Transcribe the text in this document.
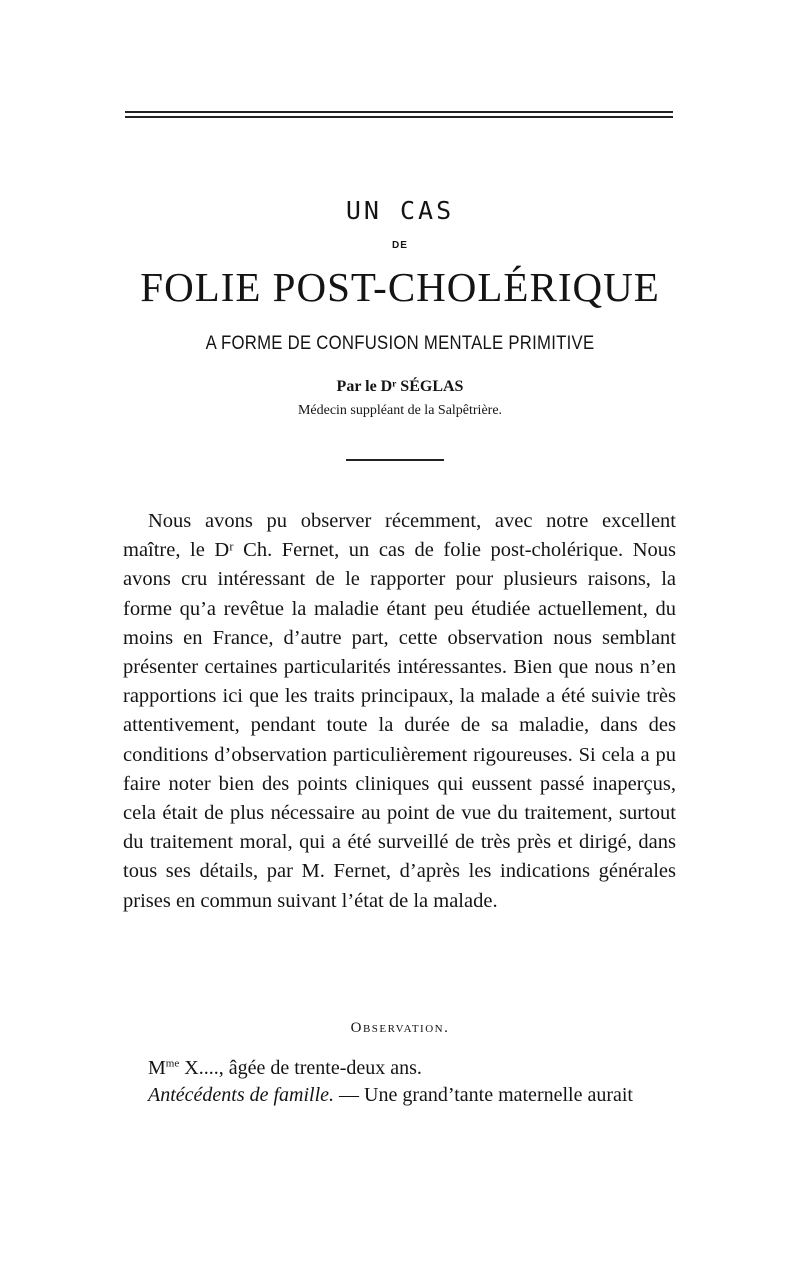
UN CAS
DE
FOLIE POST-CHOLÉRIQUE
A FORME DE CONFUSION MENTALE PRIMITIVE
Par le Dʳ SÉGLAS
Médecin suppléant de la Salpêtrière.

Nous avons pu observer récemment, avec notre excellent maître, le Dʳ Ch. Fernet, un cas de folie post-cholérique. Nous avons cru intéressant de le rapporter pour plusieurs raisons, la forme qu’a revêtue la maladie étant peu étudiée actuellement, du moins en France, d’autre part, cette observation nous semblant présenter certaines particularités intéressantes. Bien que nous n’en rapportions ici que les traits principaux, la malade a été suivie très attentivement, pendant toute la durée de sa maladie, dans des conditions d’observation particulièrement rigoureuses. Si cela a pu faire noter bien des points cliniques qui eussent passé inaperçus, cela était de plus nécessaire au point de vue du traitement, surtout du traitement moral, qui a été surveillé de très près et dirigé, dans tous ses détails, par M. Fernet, d’après les indications générales prises en commun suivant l’état de la malade.

Observation.
$M^{me}$ X...., âgée de trente-deux ans.
Antécédents de famille. — Une grand’tante maternelle aurait
